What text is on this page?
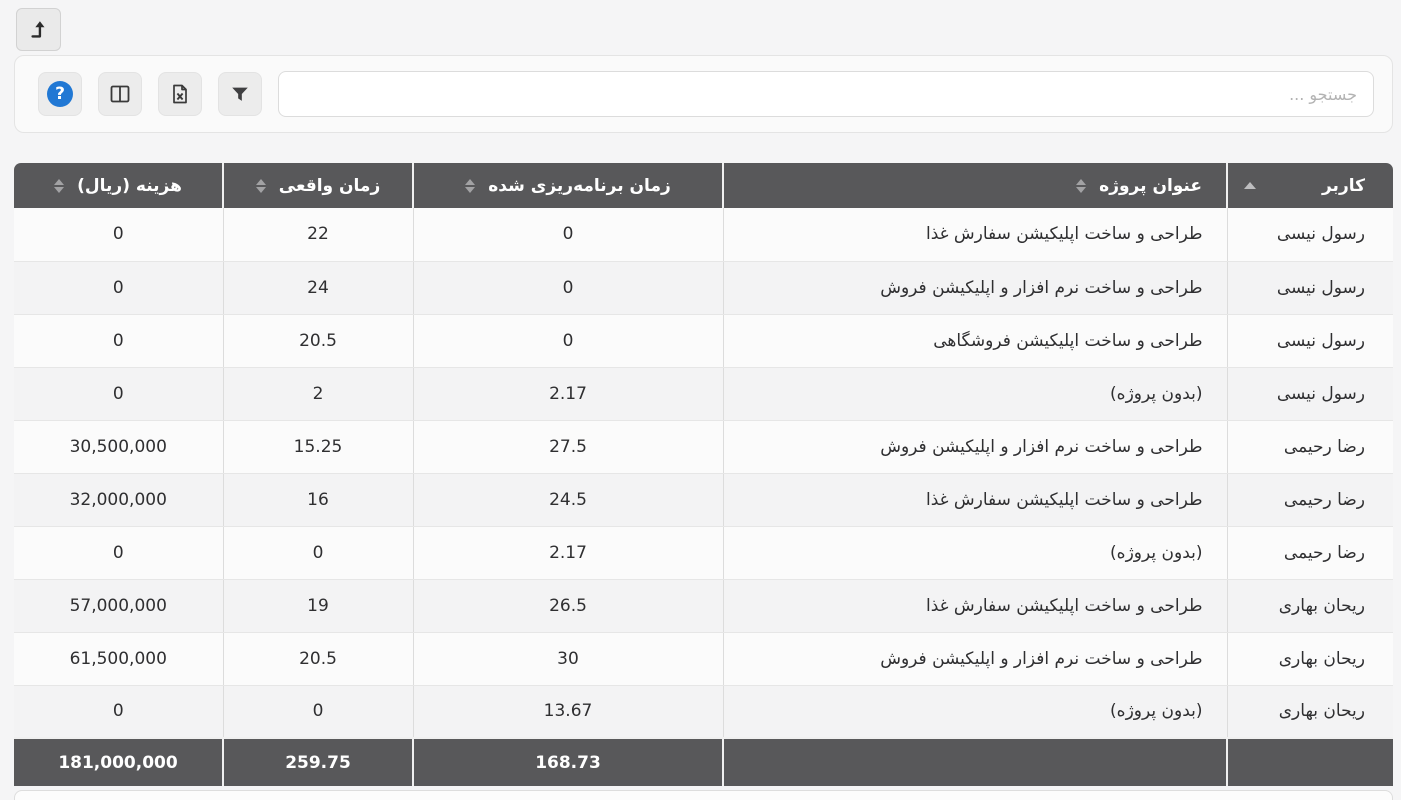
?
جستجو ...
کاربر	عنوان پروژه	زمان برنامه‌ریزی شده	زمان واقعی	هزینه (ریال)

رسول نیسی	طراحی و ساخت اپلیکیشن سفارش غذا	0	22	0
رسول نیسی	طراحی و ساخت نرم افزار و اپلیکیشن فروش	0	24	0
رسول نیسی	طراحی و ساخت اپلیکیشن فروشگاهی	0	20.5	0
رسول نیسی	(بدون پروژه)	2.17	2	0
رضا رحیمی	طراحی و ساخت نرم افزار و اپلیکیشن فروش	27.5	15.25	30,500,000
رضا رحیمی	طراحی و ساخت اپلیکیشن سفارش غذا	24.5	16	32,000,000
رضا رحیمی	(بدون پروژه)	2.17	0	0
ریحان بهاری	طراحی و ساخت اپلیکیشن سفارش غذا	26.5	19	57,000,000
ریحان بهاری	طراحی و ساخت نرم افزار و اپلیکیشن فروش	30	20.5	61,500,000
ریحان بهاری	(بدون پروژه)	13.67	0	0
		168.73	259.75	181,000,000
